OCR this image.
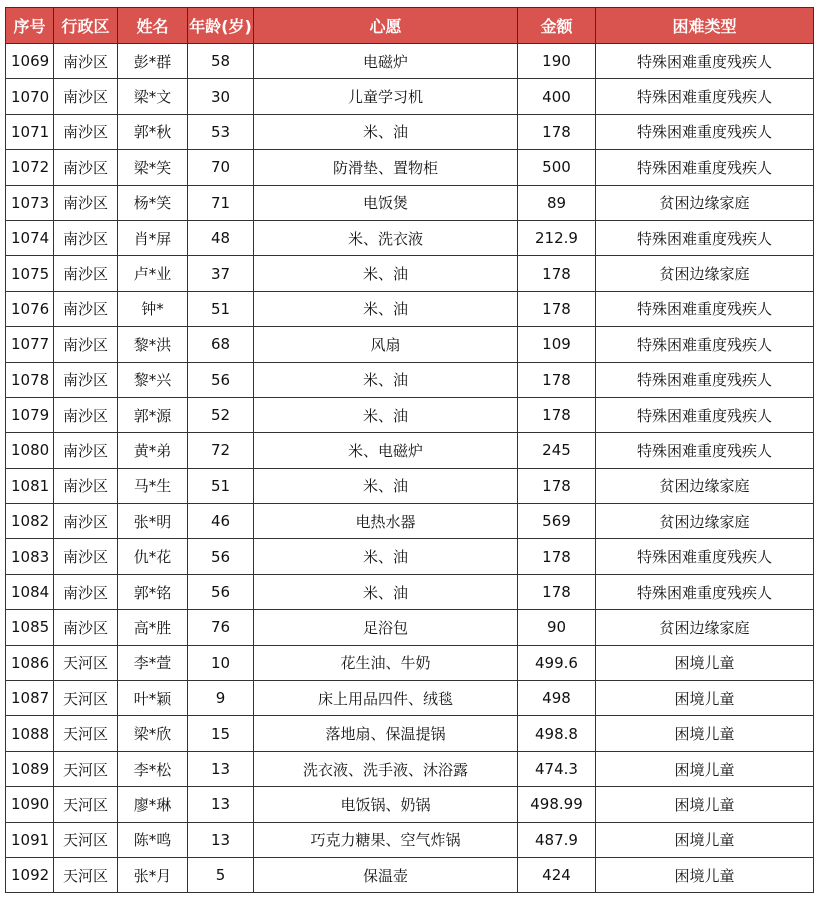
序号	行政区	姓名	年龄(岁)	心愿	金额	困难类型
1069	南沙区	彭*群	58	电磁炉	190	特殊困难重度残疾人
1070	南沙区	梁*文	30	儿童学习机	400	特殊困难重度残疾人
1071	南沙区	郭*秋	53	米、油	178	特殊困难重度残疾人
1072	南沙区	梁*笑	70	防滑垫、置物柜	500	特殊困难重度残疾人
1073	南沙区	杨*笑	71	电饭煲	89	贫困边缘家庭
1074	南沙区	肖*屏	48	米、洗衣液	212.9	特殊困难重度残疾人
1075	南沙区	卢*业	37	米、油	178	贫困边缘家庭
1076	南沙区	钟*	51	米、油	178	特殊困难重度残疾人
1077	南沙区	黎*洪	68	风扇	109	特殊困难重度残疾人
1078	南沙区	黎*兴	56	米、油	178	特殊困难重度残疾人
1079	南沙区	郭*源	52	米、油	178	特殊困难重度残疾人
1080	南沙区	黄*弟	72	米、电磁炉	245	特殊困难重度残疾人
1081	南沙区	马*生	51	米、油	178	贫困边缘家庭
1082	南沙区	张*明	46	电热水器	569	贫困边缘家庭
1083	南沙区	仇*花	56	米、油	178	特殊困难重度残疾人
1084	南沙区	郭*铭	56	米、油	178	特殊困难重度残疾人
1085	南沙区	高*胜	76	足浴包	90	贫困边缘家庭
1086	天河区	李*萱	10	花生油、牛奶	499.6	困境儿童
1087	天河区	叶*颖	9	床上用品四件、绒毯	498	困境儿童
1088	天河区	梁*欣	15	落地扇、保温提锅	498.8	困境儿童
1089	天河区	李*松	13	洗衣液、洗手液、沐浴露	474.3	困境儿童
1090	天河区	廖*琳	13	电饭锅、奶锅	498.99	困境儿童
1091	天河区	陈*鸣	13	巧克力糖果、空气炸锅	487.9	困境儿童
1092	天河区	张*月	5	保温壶	424	困境儿童
